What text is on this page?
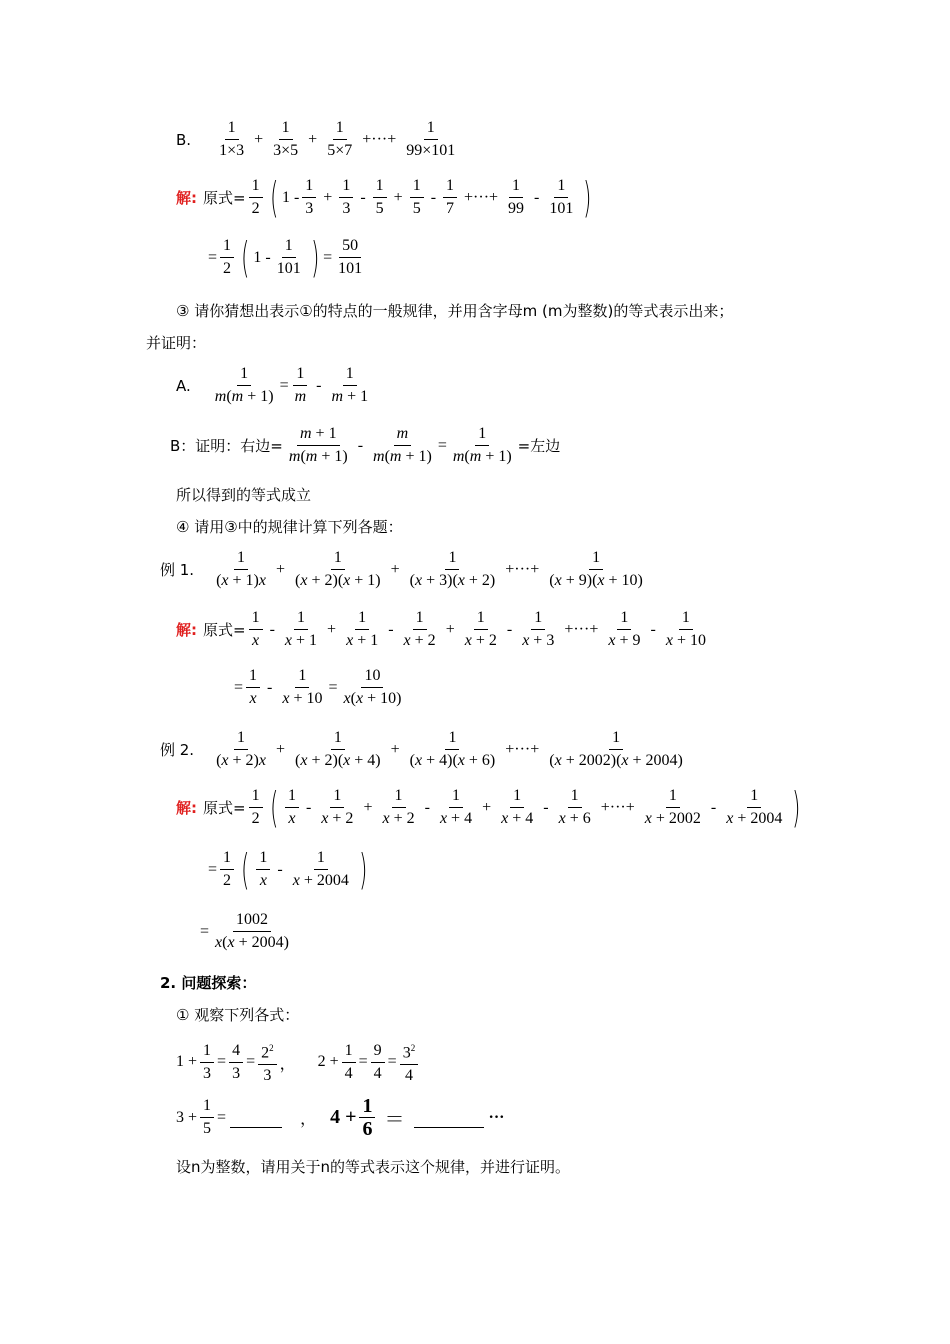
B. $\frac{1}{1\times 3} + \frac{1}{3\times 5} + \frac{1}{5\times 7}$ +···+ $\frac{1}{99\times 101}$
解: 原式= $\frac{1}{2}$ ( $1 - \frac{1}{3} + \frac{1}{3} - \frac{1}{5} + \frac{1}{5} - \frac{1}{7}$ +···+ $\frac{1}{99} - \frac{1}{101}$ )
= $\frac{1}{2}$ ( $1 - \frac{1}{101}$ ) = $\frac{50}{101}$
③ 请你猜想出表示①的特点的一般规律，并用含字母m (m为整数)的等式表示出来；
并证明：
A. $\frac{1}{m(m + 1)} = \frac{1}{m} - \frac{1}{m + 1}$
B：证明：右边= $\frac{m + 1}{m(m + 1)} - \frac{m}{m(m + 1)} = \frac{1}{m(m + 1)}$ =左边
所以得到的等式成立
④ 请用③中的规律计算下列各题：
例 1. $\frac{1}{(x + 1)x} + \frac{1}{(x + 2)(x + 1)} + \frac{1}{(x + 3)(x + 2)}$ +···+ $\frac{1}{(x + 9)(x + 10)}$
解: 原式= $\frac{1}{x} - \frac{1}{x + 1} + \frac{1}{x + 1} - \frac{1}{x + 2} + \frac{1}{x + 2} - \frac{1}{x + 3}$ +···+ $\frac{1}{x + 9} - \frac{1}{x + 10}$
= $\frac{1}{x} - \frac{1}{x + 10} = \frac{10}{x(x + 10)}$
例 2. $\frac{1}{(x + 2)x} + \frac{1}{(x + 2)(x + 4)} + \frac{1}{(x + 4)(x + 6)}$ +···+ $\frac{1}{(x + 2002)(x + 2004)}$
解: 原式= $\frac{1}{2}$ ( $\frac{1}{x} - \frac{1}{x + 2} + \frac{1}{x + 2} - \frac{1}{x + 4} + \frac{1}{x + 4} - \frac{1}{x + 6}$ +···+ $\frac{1}{x + 2002} - \frac{1}{x + 2004}$ )
= $\frac{1}{2}$ ( $\frac{1}{x} - \frac{1}{x + 2004}$ )
= $\frac{1002}{x(x + 2004)}$
2. 问题探索：
① 观察下列各式：
$1 + \frac{1}{3} = \frac{4}{3} = \frac{2^2}{3}$ ， $2 + \frac{1}{4} = \frac{9}{4} = \frac{3^2}{4}$
$3 + \frac{1}{5}$ =	， $4 + \frac{1}{6}$ ＝	···
设n为整数，请用关于n的等式表示这个规律，并进行证明。
